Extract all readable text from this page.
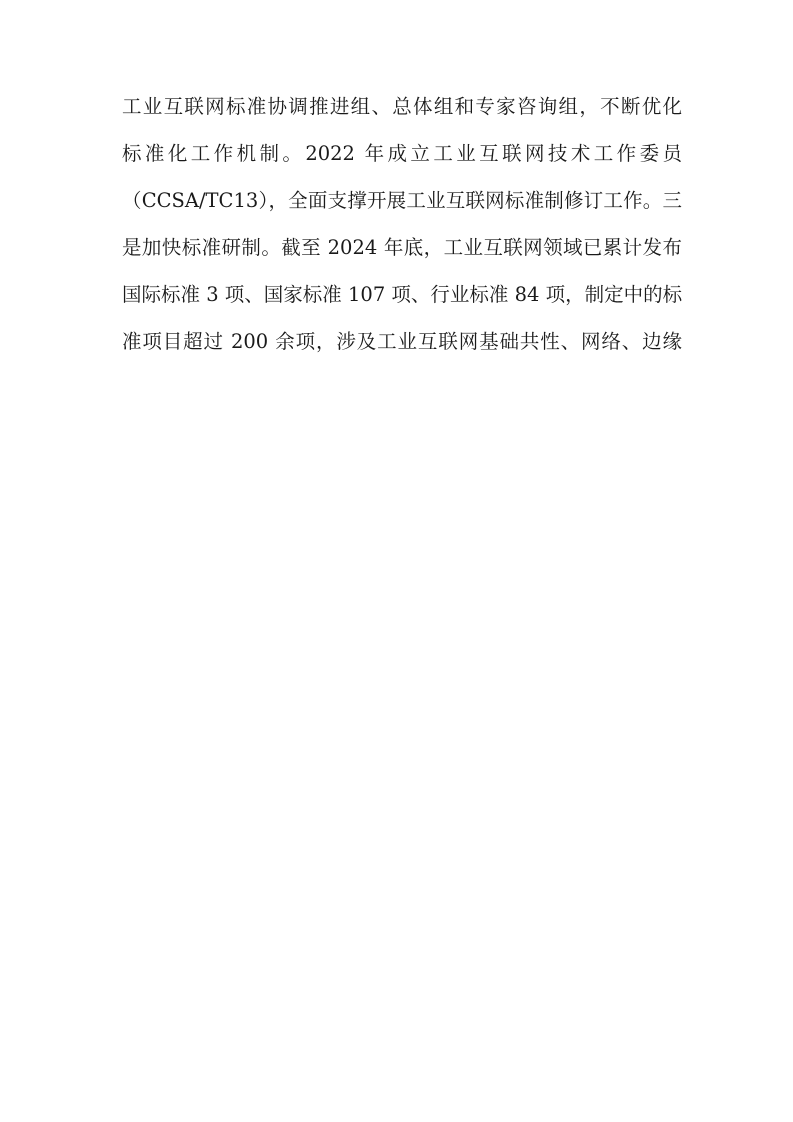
工业互联网标准协调推进组、总体组和专家咨询组，不断优化
标准化工作机制。2022 年成立工业互联网技术工作委员
（CCSA/TC13），全面支撑开展工业互联网标准制修订工作。三
是加快标准研制。截至 2024 年底，工业互联网领域已累计发布
国际标准 3 项、国家标准 107 项、行业标准 84 项，制定中的标
准项目超过 200 余项，涉及工业互联网基础共性、网络、边缘
